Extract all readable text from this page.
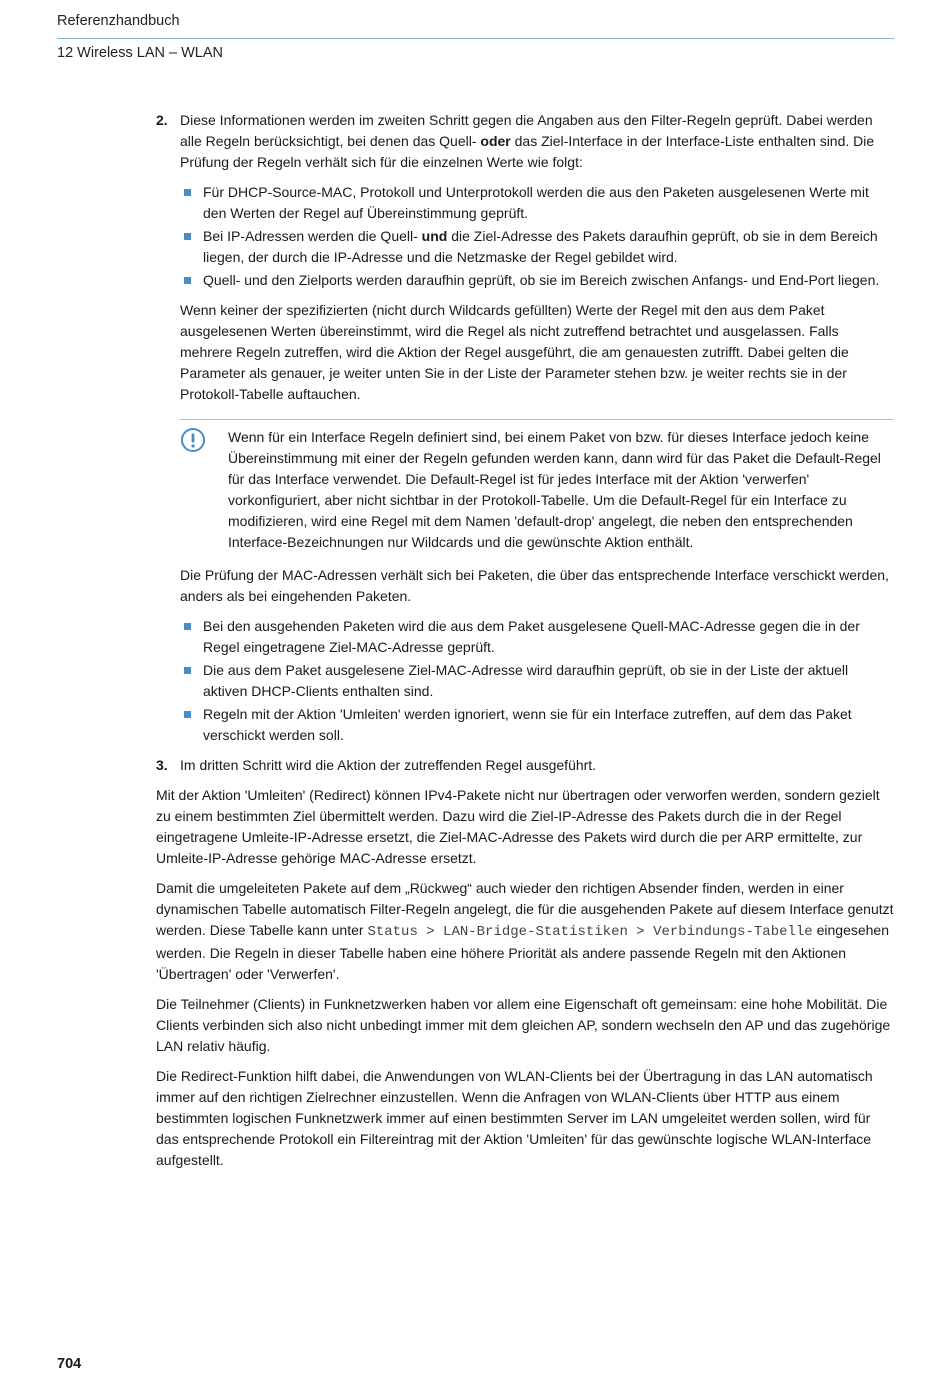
Referenzhandbuch
12 Wireless LAN – WLAN
2. Diese Informationen werden im zweiten Schritt gegen die Angaben aus den Filter-Regeln geprüft. Dabei werden alle Regeln berücksichtigt, bei denen das Quell- oder das Ziel-Interface in der Interface-Liste enthalten sind. Die Prüfung der Regeln verhält sich für die einzelnen Werte wie folgt:

Für DHCP-Source-MAC, Protokoll und Unterprotokoll werden die aus den Paketen ausgelesenen Werte mit den Werten der Regel auf Übereinstimmung geprüft.
Bei IP-Adressen werden die Quell- und die Ziel-Adresse des Pakets daraufhin geprüft, ob sie in dem Bereich liegen, der durch die IP-Adresse und die Netzmaske der Regel gebildet wird.
Quell- und den Zielports werden daraufhin geprüft, ob sie im Bereich zwischen Anfangs- und End-Port liegen.

Wenn keiner der spezifizierten (nicht durch Wildcards gefüllten) Werte der Regel mit den aus dem Paket ausgelesenen Werten übereinstimmt, wird die Regel als nicht zutreffend betrachtet und ausgelassen. Falls mehrere Regeln zutreffen, wird die Aktion der Regel ausgeführt, die am genauesten zutrifft. Dabei gelten die Parameter als genauer, je weiter unten Sie in der Liste der Parameter stehen bzw. je weiter rechts sie in der Protokoll-Tabelle auftauchen.

Wenn für ein Interface Regeln definiert sind, bei einem Paket von bzw. für dieses Interface jedoch keine Übereinstimmung mit einer der Regeln gefunden werden kann, dann wird für das Paket die Default-Regel für das Interface verwendet. Die Default-Regel ist für jedes Interface mit der Aktion 'verwerfen' vorkonfiguriert, aber nicht sichtbar in der Protokoll-Tabelle. Um die Default-Regel für ein Interface zu modifizieren, wird eine Regel mit dem Namen 'default-drop' angelegt, die neben den entsprechenden Interface-Bezeichnungen nur Wildcards und die gewünschte Aktion enthält.

Die Prüfung der MAC-Adressen verhält sich bei Paketen, die über das entsprechende Interface verschickt werden, anders als bei eingehenden Paketen.

Bei den ausgehenden Paketen wird die aus dem Paket ausgelesene Quell-MAC-Adresse gegen die in der Regel eingetragene Ziel-MAC-Adresse geprüft.
Die aus dem Paket ausgelesene Ziel-MAC-Adresse wird daraufhin geprüft, ob sie in der Liste der aktuell aktiven DHCP-Clients enthalten sind.
Regeln mit der Aktion 'Umleiten' werden ignoriert, wenn sie für ein Interface zutreffen, auf dem das Paket verschickt werden soll.
3. Im dritten Schritt wird die Aktion der zutreffenden Regel ausgeführt.

Mit der Aktion 'Umleiten' (Redirect) können IPv4-Pakete nicht nur übertragen oder verworfen werden, sondern gezielt zu einem bestimmten Ziel übermittelt werden. Dazu wird die Ziel-IP-Adresse des Pakets durch die in der Regel eingetragene Umleite-IP-Adresse ersetzt, die Ziel-MAC-Adresse des Pakets wird durch die per ARP ermittelte, zur Umleite-IP-Adresse gehörige MAC-Adresse ersetzt.

Damit die umgeleiteten Pakete auf dem „Rückweg“ auch wieder den richtigen Absender finden, werden in einer dynamischen Tabelle automatisch Filter-Regeln angelegt, die für die ausgehenden Pakete auf diesem Interface genutzt werden. Diese Tabelle kann unter Status > LAN-Bridge-Statistiken > Verbindungs-Tabelle eingesehen werden. Die Regeln in dieser Tabelle haben eine höhere Priorität als andere passende Regeln mit den Aktionen 'Übertragen' oder 'Verwerfen'.

Die Teilnehmer (Clients) in Funknetzwerken haben vor allem eine Eigenschaft oft gemeinsam: eine hohe Mobilität. Die Clients verbinden sich also nicht unbedingt immer mit dem gleichen AP, sondern wechseln den AP und das zugehörige LAN relativ häufig.

Die Redirect-Funktion hilft dabei, die Anwendungen von WLAN-Clients bei der Übertragung in das LAN automatisch immer auf den richtigen Zielrechner einzustellen. Wenn die Anfragen von WLAN-Clients über HTTP aus einem bestimmten logischen Funknetzwerk immer auf einen bestimmten Server im LAN umgeleitet werden sollen, wird für das entsprechende Protokoll ein Filtereintrag mit der Aktion 'Umleiten' für das gewünschte logische WLAN-Interface aufgestellt.

704
